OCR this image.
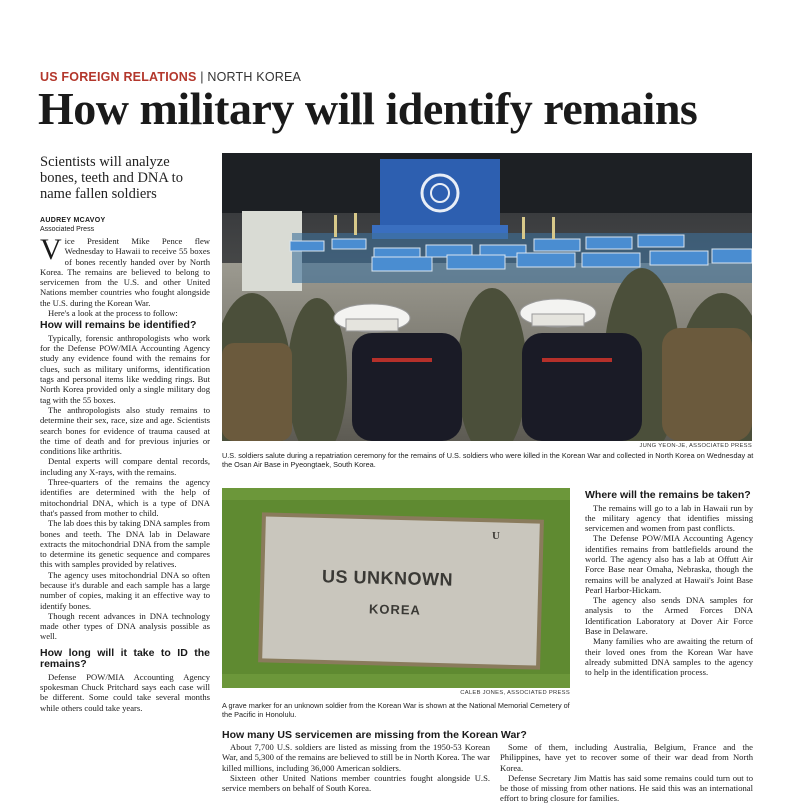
US FOREIGN RELATIONS | NORTH KOREA
How military will identify remains
Scientists will analyze bones, teeth and DNA to name fallen soldiers
AUDREY MCAVOY
Associated Press

Vice President Mike Pence flew Wednesday to Hawaii to receive 55 boxes of bones recently handed over by North Korea. The remains are believed to belong to servicemen from the U.S. and other United Nations member countries who fought alongside the U.S. during the Korean War.

Here's a look at the process to follow:

How will remains be identified?

Typically, forensic anthropologists who work for the Defense POW/MIA Accounting Agency study any evidence found with the remains for clues, such as military uniforms, identification tags and personal items like wedding rings. But North Korea provided only a single military dog tag with the 55 boxes.

The anthropologists also study remains to determine their sex, race, size and age. Scientists search bones for evidence of trauma caused at the time of death and for previous injuries or conditions like arthritis.

Dental experts will compare dental records, including any X-rays, with the remains.

Three-quarters of the remains the agency identifies are determined with the help of mitochondrial DNA, which is a type of DNA that's passed from mother to child.

The lab does this by taking DNA samples from bones and teeth. The DNA lab in Delaware extracts the mitochondrial DNA from the sample to determine its genetic sequence and compares this with samples provided by relatives.

The agency uses mitochondrial DNA so often because it's durable and each sample has a large number of copies, making it an effective way to identify bones.

Though recent advances in DNA technology made other types of DNA analysis possible as well.

How long will it take to ID the remains?

Defense POW/MIA Accounting Agency spokesman Chuck Pritchard says each case will be different. Some could take several months while others could take years.

JUNG YEON-JE, ASSOCIATED PRESS
U.S. soldiers salute during a repatriation ceremony for the remains of U.S. soldiers who were killed in the Korean War and collected in North Korea on Wednesday at the Osan Air Base in Pyeongtaek, South Korea.
U
US UNKNOWN
KOREA
CALEB JONES, ASSOCIATED PRESS
A grave marker for an unknown soldier from the Korean War is shown at the National Memorial Cemetery of the Pacific in Honolulu.
Where will the remains be taken?

The remains will go to a lab in Hawaii run by the military agency that identifies missing servicemen and women from past conflicts.

The Defense POW/MIA Accounting Agency identifies remains from battlefields around the world. The agency also has a lab at Offutt Air Force Base near Omaha, Nebraska, though the remains will be analyzed at Hawaii's Joint Base Pearl Harbor-Hickam.

The agency also sends DNA samples for analysis to the Armed Forces DNA Identification Laboratory at Dover Air Force Base in Delaware.

Many families who are awaiting the return of their loved ones from the Korean War have already submitted DNA samples to the agency to help in the identification process.

How many US servicemen are missing from the Korean War?

About 7,700 U.S. soldiers are listed as missing from the 1950-53 Korean War, and 5,300 of the remains are believed to still be in North Korea. The war killed millions, including 36,000 American soldiers.

Sixteen other United Nations member countries fought alongside U.S. service members on behalf of South Korea.

Some of them, including Australia, Belgium, France and the Philippines, have yet to recover some of their war dead from North Korea.

Defense Secretary Jim Mattis has said some remains could turn out to be those of missing from other nations. He said this was an international effort to bring closure for families.
